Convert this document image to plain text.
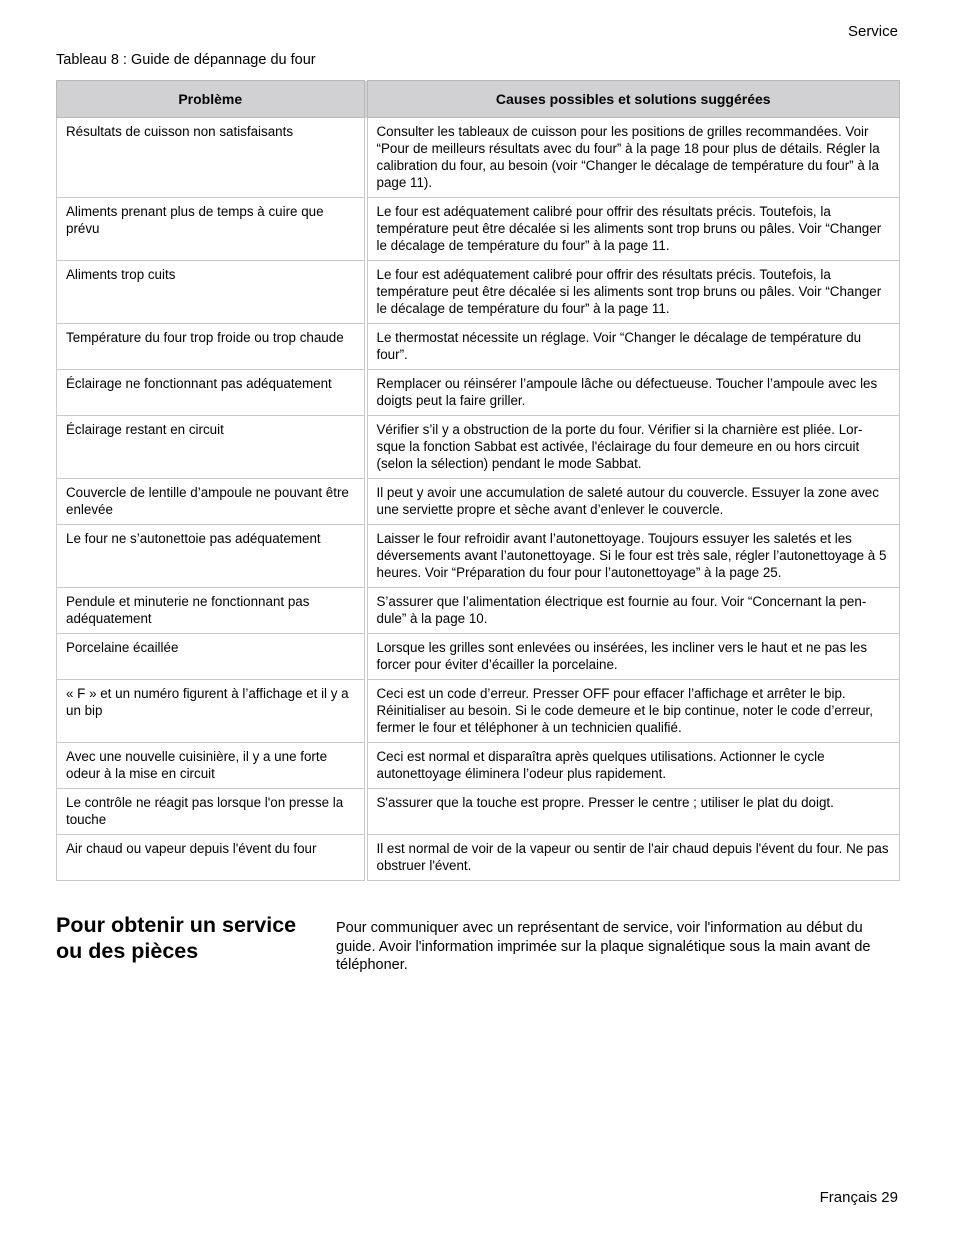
Service
Tableau 8 : Guide de dépannage du four
Problème	Causes possibles et solutions suggérées
Résultats de cuisson non satisfaisants	Consulter les tableaux de cuisson pour les positions de grilles recommandées. Voir “Pour de meilleurs résultats avec du four” à la page 18 pour plus de détails. Régler la calibration du four, au besoin (voir “Changer le décalage de température du four” à la page 11).
Aliments prenant plus de temps à cuire que prévu	Le four est adéquatement calibré pour offrir des résultats précis. Toutefois, la température peut être décalée si les aliments sont trop bruns ou pâles. Voir “Changer le décalage de température du four” à la page 11.
Aliments trop cuits	Le four est adéquatement calibré pour offrir des résultats précis. Toutefois, la température peut être décalée si les aliments sont trop bruns ou pâles. Voir “Changer le décalage de température du four” à la page 11.
Température du four trop froide ou trop chaude	Le thermostat nécessite un réglage. Voir “Changer le décalage de température du four”.
Éclairage ne fonctionnant pas adéquatement	Remplacer ou réinsérer l’ampoule lâche ou défectueuse. Toucher l’ampoule avec les doigts peut la faire griller.
Éclairage restant en circuit	Vérifier s’il y a obstruction de la porte du four. Vérifier si la charnière est pliée. Lor-sque la fonction Sabbat est activée, l'éclairage du four demeure en ou hors circuit (selon la sélection) pendant le mode Sabbat.
Couvercle de lentille d’ampoule ne pouvant être enlevée	Il peut y avoir une accumulation de saleté autour du couvercle. Essuyer la zone avec une serviette propre et sèche avant d’enlever le couvercle.
Le four ne s’autonettoie pas adéquatement	Laisser le four refroidir avant l’autonettoyage. Toujours essuyer les saletés et les déversements avant l’autonettoyage. Si le four est très sale, régler l’autonettoyage à 5 heures. Voir “Préparation du four pour l’autonettoyage” à la page 25.
Pendule et minuterie ne fonctionnant pas adéquatement	S’assurer que l’alimentation électrique est fournie au four. Voir “Concernant la pen-dule” à la page 10.
Porcelaine écaillée	Lorsque les grilles sont enlevées ou insérées, les incliner vers le haut et ne pas les forcer pour éviter d’écailler la porcelaine.
« F » et un numéro figurent à l’affichage et il y a un bip	Ceci est un code d’erreur. Presser OFF pour effacer l’affichage et arrêter le bip. Réinitialiser au besoin. Si le code demeure et le bip continue, noter le code d’erreur, fermer le four et téléphoner à un technicien qualifié.
Avec une nouvelle cuisinière, il y a une forte odeur à la mise en circuit	Ceci est normal et disparaîtra après quelques utilisations. Actionner le cycle autonettoyage éliminera l’odeur plus rapidement.
Le contrôle ne réagit pas lorsque l'on presse la touche	S'assurer que la touche est propre. Presser le centre ; utiliser le plat du doigt.
Air chaud ou vapeur depuis l'évent du four	Il est normal de voir de la vapeur ou sentir de l'air chaud depuis l'évent du four. Ne pas obstruer l'évent.
Pour obtenir un service ou des pièces

Pour communiquer avec un représentant de service, voir l'information au début du guide. Avoir l'information imprimée sur la plaque signalétique sous la main avant de téléphoner.

Français 29
